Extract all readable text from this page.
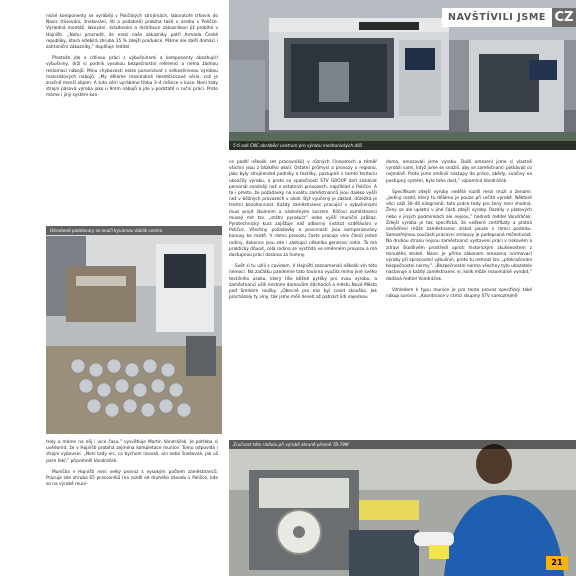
nické komponenty se vyrábějí v Poličských strojírnách, laboratoře trhavin do Navic (tiisování, žnekování, lití a podobné) probíhá také v areálu v Poličce. Výsledná montáž, lakování, skladování a distribuce zákazníkovi již probíhá v Hajništi. „Nohu prozradit, že mezi naše zákazníky patří Armáda České republiky, která odebírá zhruba 15 % zdejší produkce. Máme ale další domácí i zahraniční zákazníky,” doplňuje ředitel.

Přestože jde o citlivou práci s výbušninami a komponenty obsahující výbušniny, drží si podnik vysokou bezpečnostní referenci a nemá žádnou reklamaci nábojů. Minu chybovosti nelze porovnávat s velkosériovou výrobou malorážových nábojů. „My děláme maximálně desetitisícové série, což je značně menší objem. A tuto sérii vyrábíme třeba 3–4 měsíce v kuse. Není tady strojní pásová výroba jako u 9mm nábojů a jde v podstatě o ruční práci. Proto máme i jiný systém kon-

troly a máme na něj i více času,” vysvětluje Martin Vondráček. Je potřeba si uvědomit, že v Hajništi probíhá zejména kompletace munice. Tomu odpovídá i strojní vybavení. „Není tady nic, co bychom lisovali, ani nebo šnekovali, jak už jsem řekl,” připomněl Vondráček.

Munička v Hajništi není velký provoz s vysokým počtem zaměstnanců. Pracuje zde zhruba 65 pracovníků (na rozdíl od druhého závodu v Poličce, kde se na výrobě muni-

ce podílí několik set pracovníků) v různých činnostech a téměř všichni jsou z blízkého okolí. Ostatní průmysl a provozy v regionu, jako byly strojírenské podniky a textilky, postupně v tomto teritoriu ukončily výrobu, a proto se společnosti STV GROUP daří získávat personál snadněji než v ostatních provozech, například v Poličce. A to i přesto, že požadavky na kvalitu zaměstnanců jsou daleko vyšší než v běžných provozech v okolí. Být vyučený je základ, důležitá je trestní bezúhonnost. Každý zaměstnanec pracující s výbušninami musí projít školením a následnými kurzem. Klíčoví zaměstnanci musejí mít tzv. „státní pyrokurz” nebo vyšší muniční průkaz. Pyrotechnický kurz zajišťuje náš odborný institut vzdělávání v Poličce. Všechny požadavky a povinnosti jsou kompenzovány bonusy ke mzdě. V rámci provozu často pracuje více členů jedné rodiny, dokonce jsou zde i zástupci několika generací rodin. To má praktický důvod, celá rodina se vystřídá ve směnném provozu a má dostupnou práci doslova za humny.

Svět si tu užili s covidem. V Hajništi zaznamenali několik vln této nemoci. Na začátku pandemie tato továrna využila mimo jiné svého textilního úseku, který tiše běžné pytlíky pro svou výrobu, a zaměstnanci ušili místním domovům důchodců a městu Nové Město pod Smrkem roušky. „Obecně pro nás byl covid zkouška. Jak procházely ty vlny, tak jsme měli desetí až patnáct lidí najednou

doma, omezovali jsme výrobu. Další omezení jsme si vlastně vyrobili sami, když jsme se snažili, aby se zaměstnanci potkávali co nejméně. Proto jsme změnili nástupy do práce, obědy, svačiny na postupný systém, bylo toho dost,” vzpomíná Vondráček.

Specifikum zdejší výroby nedělá rozdíl mezi muži a ženami. „Jediný rozdíl, který tu děláme je pouze při určité výrobě. Některé věci váží 30–40 kilogramů, tato práce tedy pro ženy není vhodná. Ženy se ale uplatní v jiné části zdejší výroby. Rozdíly v platových nebo v jiných podmínkách ale nejsou,” hodnotí ředitel Vondráček. Zdejší výroba je tak specifická, že veškeré certifikáty a platná osvědčení může zaměstnanec získat pouze v rámci podniku. Samozřejmou součástí pracovní smlouvy je podepsaná mlčenlivost. Na druhou stranu nejsou zaměstnanci vystaveni práci v riskovém a zdraví škodlivém prostředí oproti historickým zkušenostem z minulého století. Navíc je přímo zákonem omezena normovací výroby při zpracování výbušnin, proto tu nehrozí tzv. „překračování bezpečnostní normy”. „Bezpečnostní norma všechny tyto ukazatele nastavuje a každý zaměstnanec ví, kolik může maximálně vyrobit,” dodává ředitel Vondráček.

Vzhledem k typu munice je pro tento provoz specifický také nákup surovin. „Koordinace v rámci skupiny STV samozřejmě

5-ti osé CNC obráběcí centrum pro výrobu mechanických dílů
NAVŠTÍVILI JSME CZ
Obrobené polotovary se značí kyvárnou doklik centra
Zručnost této rádiolu při výrobě zbraně přesně 7B-79M
21
